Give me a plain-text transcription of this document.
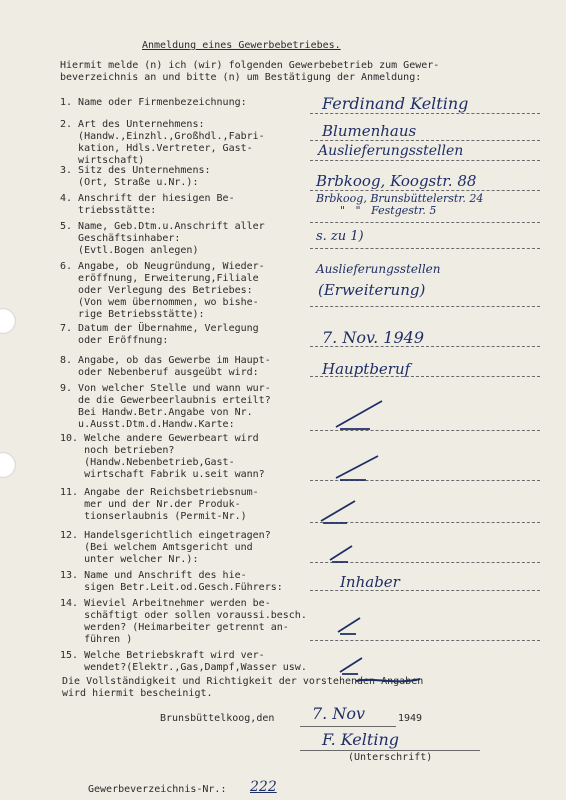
Anmeldung eines Gewerbebetriebes.
Hiermit melde (n) ich (wir) folgenden Gewerbebetrieb zum Gewer-
beverzeichnis an und bitte (n) um Bestätigung der Anmeldung:
1. Name oder Firmenbezeichnung:
2. Art des Unternehmens:
(Handw.,Einzhl.,Großhdl.,Fabri-
kation, Hdls.Vertreter, Gast-
wirtschaft)
3. Sitz des Unternehmens:
(Ort, Straße u.Nr.):
4. Anschrift der hiesigen Be-
triebsstätte:
5. Name, Geb.Dtm.u.Anschrift aller
Geschäftsinhaber:
(Evtl.Bogen anlegen)
6. Angabe, ob Neugründung, Wieder-
eröffnung, Erweiterung,Filiale
oder Verlegung des Betriebes:
(Von wem übernommen, wo bishe-
rige Betriebsstätte):
7. Datum der Übernahme, Verlegung
oder Eröffnung:
8. Angabe, ob das Gewerbe im Haupt-
oder Nebenberuf ausgeübt wird:
9. Von welcher Stelle und wann wur-
de die Gewerbeerlaubnis erteilt?
Bei Handw.Betr.Angabe von Nr.
u.Ausst.Dtm.d.Handw.Karte:
10. Welche andere Gewerbeart wird
noch betrieben?
(Handw.Nebenbetrieb,Gast-
wirtschaft Fabrik u.seit wann?
11. Angabe der Reichsbetriebsnum-
mer und der Nr.der Produk-
tionserlaubnis (Permit-Nr.)
12. Handelsgerichtlich eingetragen?
(Bei welchem Amtsgericht und
unter welcher Nr.):
13. Name und Anschrift des hie-
sigen Betr.Leit.od.Gesch.Führers:
14. Wieviel Arbeitnehmer werden be-
schäftigt oder sollen voraussi.besch.
werden? (Heimarbeiter getrennt an-
führen )
15. Welche Betriebskraft wird ver-
wendet?(Elektr.,Gas,Dampf,Wasser usw.
Ferdinand Kelting
Blumenhaus
Auslieferungsstellen
Brbkoog, Koogstr. 88
Brbkoog, Brunsbüttelerstr. 24
"   "   Festgestr. 5
s. zu 1)
Auslieferungsstellen
(Erweiterung)
7. Nov. 1949
Hauptberuf
Inhaber
Die Vollständigkeit und Richtigkeit der vorstehenden Angaben
wird hiermit bescheinigt.
Brunsbüttelkoog,den 7. Nov	1949
F. Kelting
(Unterschrift)
Gewerbeverzeichnis-Nr.: 222
